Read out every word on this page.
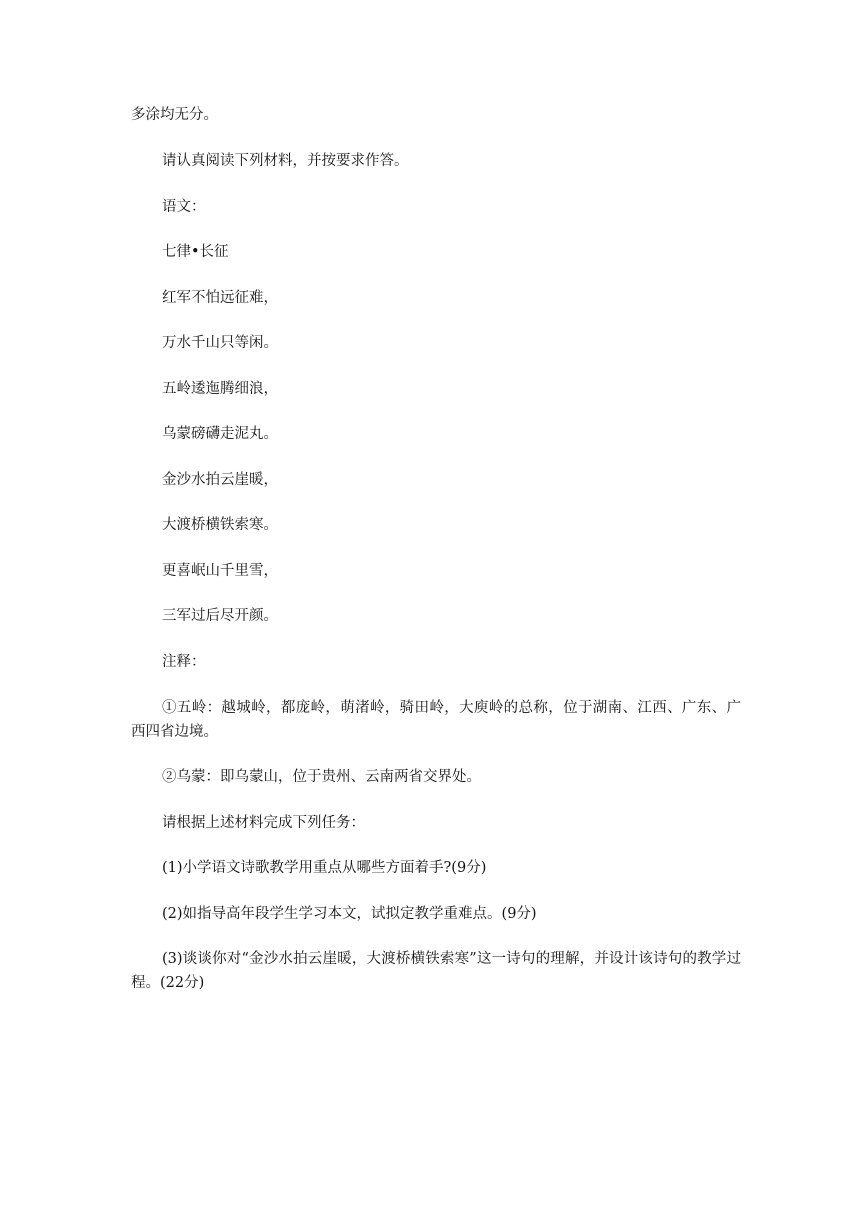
多涂均无分。

请认真阅读下列材料，并按要求作答。

语文：

七律•长征

红军不怕远征难，

万水千山只等闲。

五岭逶迤腾细浪，

乌蒙磅礴走泥丸。

金沙水拍云崖暖，

大渡桥横铁索寒。

更喜岷山千里雪，

三军过后尽开颜。

注释：

①五岭：越城岭，都庞岭，萌渚岭，骑田岭，大庾岭的总称，位于湖南、江西、广东、广西四省边境。

②乌蒙：即乌蒙山，位于贵州、云南两省交界处。

请根据上述材料完成下列任务：

(1)小学语文诗歌教学用重点从哪些方面着手?(9分)

(2)如指导高年段学生学习本文，试拟定教学重难点。(9分)

(3)谈谈你对“金沙水拍云崖暖，大渡桥横铁索寒”这一诗句的理解，并设计该诗句的教学过程。(22分)
